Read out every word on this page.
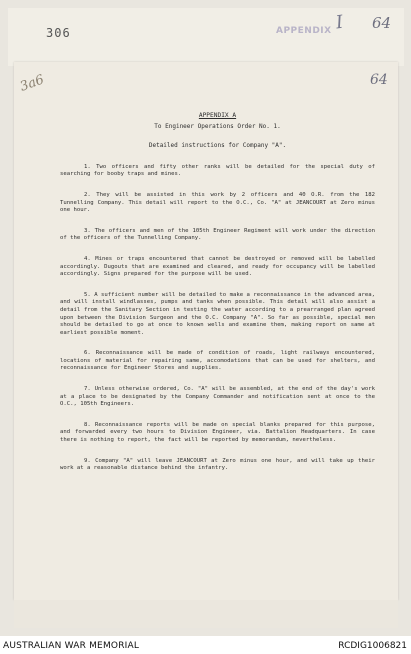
306	APPENDIX I 64
64
3a6
APPENDIX A
To Engineer Operations Order No. 1.
Detailed instructions for Company "A".

1. Two officers and fifty other ranks will be detailed for the special duty of searching for booby traps and mines.

2. They will be assisted in this work by 2 officers and 40 O.R. from the 182 Tunnelling Company. This detail will report to the O.C., Co. "A" at JEANCOURT at Zero minus one hour.

3. The officers and men of the 105th Engineer Regiment will work under the direction of the officers of the Tunnelling Company.

4. Mines or traps encountered that cannot be destroyed or removed will be labelled accordingly. Dugouts that are examined and cleared, and ready for occupancy will be labelled accordingly. Signs prepared for the purpose will be used.

5. A sufficient number will be detailed to make a reconnaissance in the advanced area, and will install windlasses, pumps and tanks when possible. This detail will also assist a detail from the Sanitary Section in testing the water according to a prearranged plan agreed upon between the Division Surgeon and the O.C. Company "A". So far as possible, special men should be detailed to go at once to known wells and examine them, making report on same at earliest possible moment.

6. Reconnaissance will be made of condition of roads, light railways encountered, locations of material for repairing same, accomodations that can be used for shelters, and reconnaissance for Engineer Stores and supplies.

7. Unless otherwise ordered, Co. "A" will be assembled, at the end of the day's work at a place to be designated by the Company Commander and notification sent at once to the O.C., 105th Engineers.

8. Reconnaissance reports will be made on special blanks prepared for this purpose, and forwarded every two hours to Division Engineer, via. Battalion Headquarters. In case there is nothing to report, the fact will be reported by memorandum, nevertheless.

9. Company "A" will leave JEANCOURT at Zero minus one hour, and will take up their work at a reasonable distance behind the infantry.

AUSTRALIAN WAR MEMORIAL	RCDIG1006821
